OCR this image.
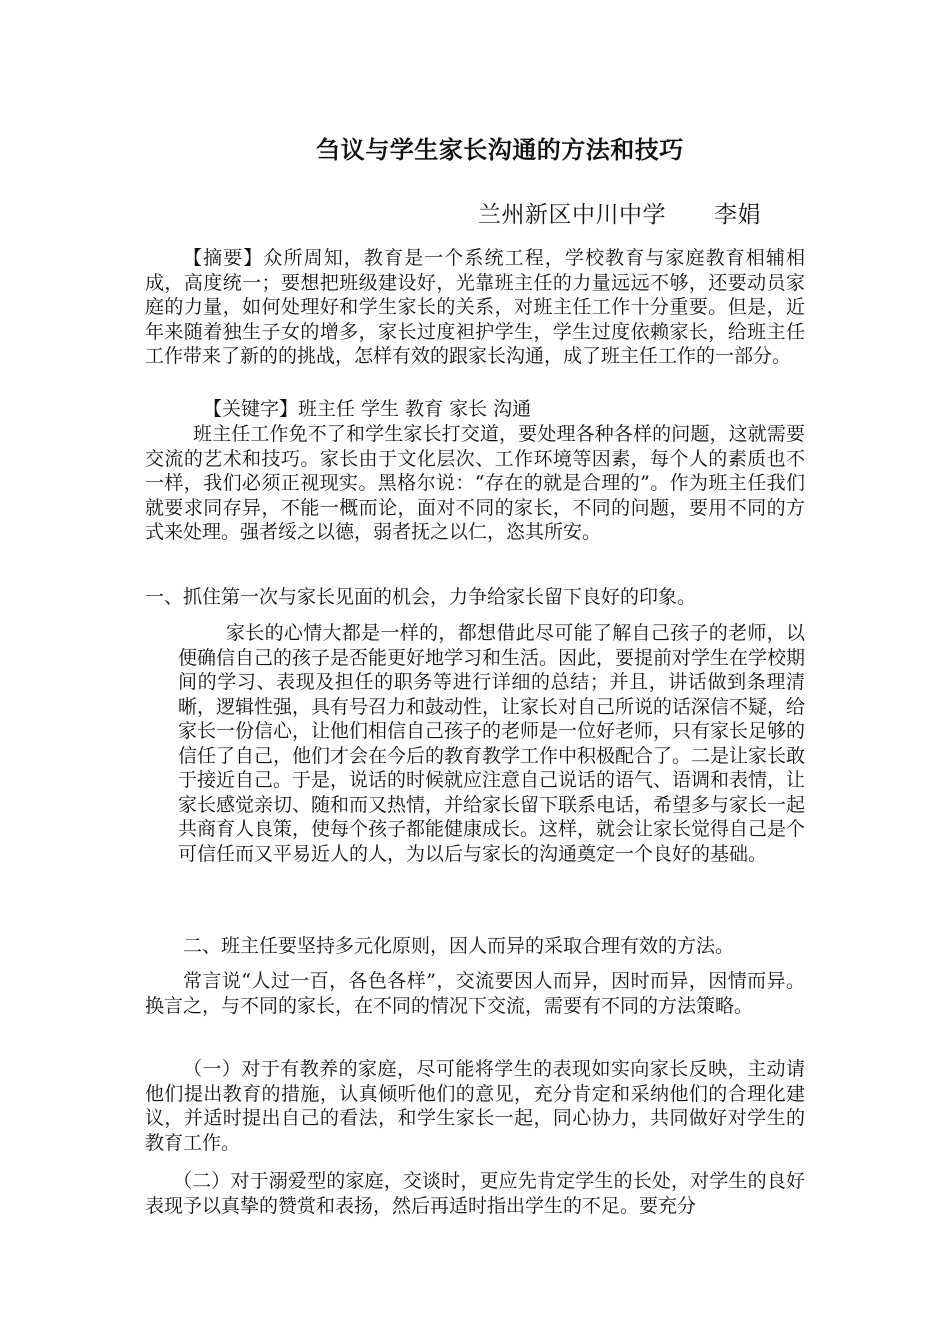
刍议与学生家长沟通的方法和技巧
兰州新区中川中学 李娟

【摘要】众所周知，教育是一个系统工程，学校教育与家庭教育相辅相成，高度统一；要想把班级建设好，光靠班主任的力量远远不够，还要动员家庭的力量，如何处理好和学生家长的关系，对班主任工作十分重要。但是，近年来随着独生子女的增多，家长过度袒护学生，学生过度依赖家长，给班主任工作带来了新的的挑战，怎样有效的跟家长沟通，成了班主任工作的一部分。

【关键字】班主任 学生 教育 家长 沟通

班主任工作免不了和学生家长打交道，要处理各种各样的问题，这就需要交流的艺术和技巧。家长由于文化层次、工作环境等因素，每个人的素质也不一样，我们必须正视现实。黑格尔说：“存在的就是合理的”。作为班主任我们就要求同存异，不能一概而论，面对不同的家长，不同的问题，要用不同的方式来处理。强者绥之以德，弱者抚之以仁，恣其所安。

一、抓住第一次与家长见面的机会，力争给家长留下良好的印象。

家长的心情大都是一样的，都想借此尽可能了解自己孩子的老师，以便确信自己的孩子是否能更好地学习和生活。因此，要提前对学生在学校期间的学习、表现及担任的职务等进行详细的总结；并且，讲话做到条理清晰，逻辑性强，具有号召力和鼓动性，让家长对自己所说的话深信不疑，给家长一份信心，让他们相信自己孩子的老师是一位好老师，只有家长足够的信任了自己，他们才会在今后的教育教学工作中积极配合了。二是让家长敢于接近自己。于是，说话的时候就应注意自己说话的语气、语调和表情，让家长感觉亲切、随和而又热情，并给家长留下联系电话，希望多与家长一起共商育人良策，使每个孩子都能健康成长。这样，就会让家长觉得自己是个可信任而又平易近人的人，为以后与家长的沟通奠定一个良好的基础。

二、班主任要坚持多元化原则，因人而异的采取合理有效的方法。

常言说“人过一百，各色各样”，交流要因人而异，因时而异，因情而异。换言之，与不同的家长，在不同的情况下交流，需要有不同的方法策略。

（一）对于有教养的家庭，尽可能将学生的表现如实向家长反映，主动请他们提出教育的措施，认真倾听他们的意见，充分肯定和采纳他们的合理化建议，并适时提出自己的看法，和学生家长一起，同心协力，共同做好对学生的教育工作。

（二）对于溺爱型的家庭，交谈时，更应先肯定学生的长处，对学生的良好表现予以真挚的赞赏和表扬，然后再适时指出学生的不足。要充分
